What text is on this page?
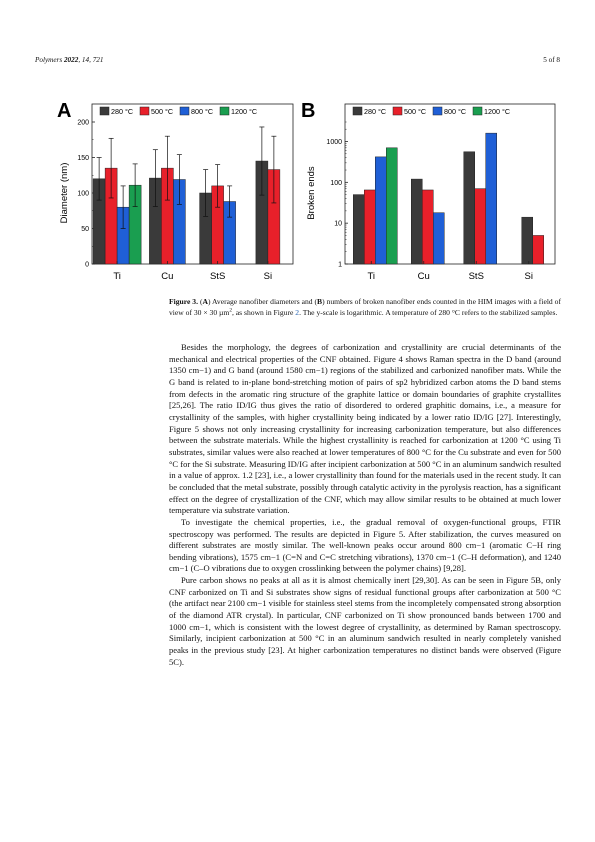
Polymers 2022, 14, 721	5 of 8
A	280 °C 500 °C 800 °C 1200 °C
0
50
100
150
200
Diameter (nm)
Ti	Cu	StS	Si
B	280 °C 500 °C 800 °C 1200 °C
1
10
100
1000
Broken ends
Ti	Cu	StS	Si
Figure 3. (A) Average nanofiber diameters and (B) numbers of broken nanofiber ends counted in the HIM images with a field of view of 30 × 30 µm$^2$, as shown in Figure 2. The y-scale is logarithmic. A temperature of 280 °C refers to the stabilized samples.

Besides the morphology, the degrees of carbonization and crystallinity are crucial determinants of the mechanical and electrical properties of the CNF obtained. Figure 4 shows Raman spectra in the D band (around 1350 cm−1) and G band (around 1580 cm−1) regions of the stabilized and carbonized nanofiber mats. While the G band is related to in-plane bond-stretching motion of pairs of sp2 hybridized carbon atoms the D band stems from defects in the aromatic ring structure of the graphite lattice or domain boundaries of graphite crystallites [25,26]. The ratio ID/IG thus gives the ratio of disordered to ordered graphitic domains, i.e., a measure for crystallinity of the samples, with higher crystallinity being indicated by a lower ratio ID/IG [27]. Interestingly, Figure 5 shows not only increasing crystallinity for increasing carbonization temperature, but also differences between the substrate materials. While the highest crystallinity is reached for carbonization at 1200 °C using Ti substrates, similar values were also reached at lower temperatures of 800 °C for the Cu substrate and even for 500 °C for the Si substrate. Measuring ID/IG after incipient carbonization at 500 °C in an aluminum sandwich resulted in a value of approx. 1.2 [23], i.e., a lower crystallinity than found for the materials used in the recent study. It can be concluded that the metal substrate, possibly through catalytic activity in the pyrolysis reaction, has a significant effect on the degree of crystallization of the CNF, which may allow similar results to be obtained at much lower temperature via substrate variation.

To investigate the chemical properties, i.e., the gradual removal of oxygen-functional groups, FTIR spectroscopy was performed. The results are depicted in Figure 5. After stabilization, the curves measured on different substrates are mostly similar. The well-known peaks occur around 800 cm−1 (aromatic C−H ring bending vibrations), 1575 cm−1 (C=N and C=C stretching vibrations), 1370 cm−1 (C–H deformation), and 1240 cm−1 (C–O vibrations due to oxygen crosslinking between the polymer chains) [9,28].

Pure carbon shows no peaks at all as it is almost chemically inert [29,30]. As can be seen in Figure 5B, only CNF carbonized on Ti and Si substrates show signs of residual functional groups after carbonization at 500 °C (the artifact near 2100 cm−1 visible for stainless steel stems from the incompletely compensated strong absorption of the diamond ATR crystal). In particular, CNF carbonized on Ti show pronounced bands between 1700 and 1000 cm−1, which is consistent with the lowest degree of crystallinity, as determined by Raman spectroscopy. Similarly, incipient carbonization at 500 °C in an aluminum sandwich resulted in nearly completely vanished peaks in the previous study [23]. At higher carbonization temperatures no distinct bands were observed (Figure 5C).
